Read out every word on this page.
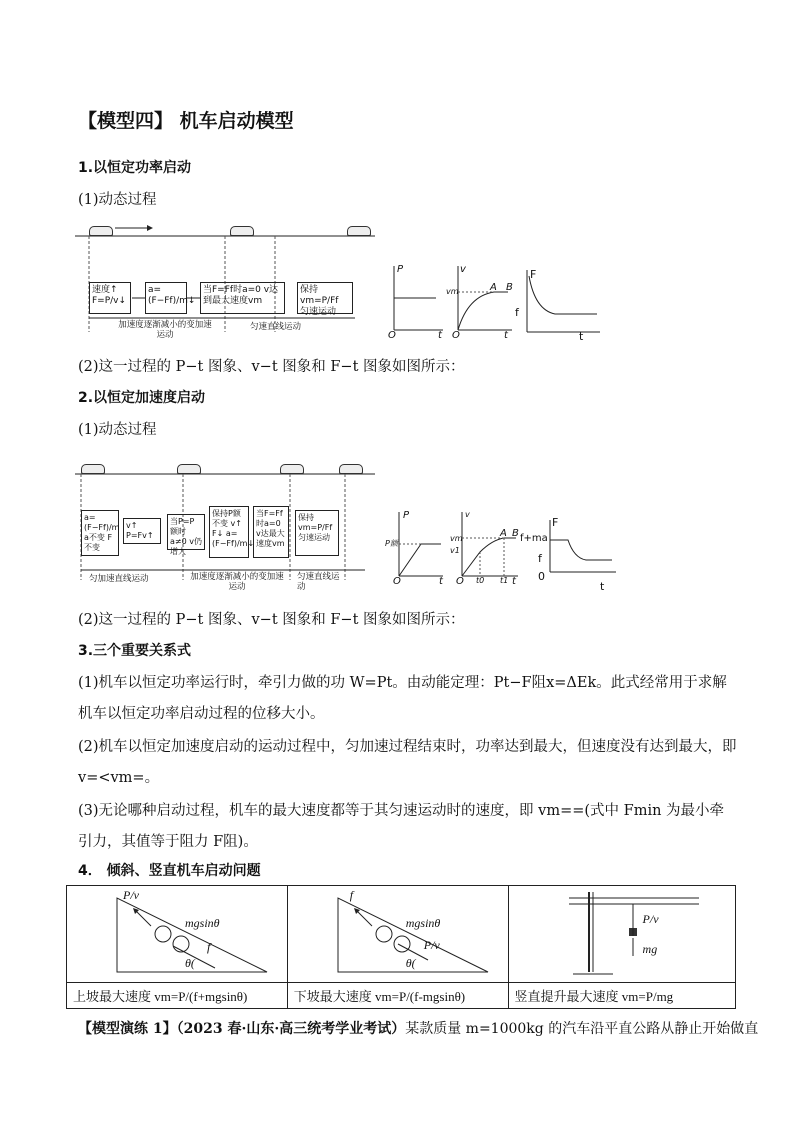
【模型四】 机车启动模型
1.以恒定功率启动
(1)动态过程
速度↑ F=P/v↓
a=(F−Ff)/m↓
当F=Ff时a=0 v达到最大速度vm
保持vm=P/Ff 匀速运动
加速度逐渐减小的变加速运动
匀速直线运动
P
O	t
v
vm	A B
O	t
F
f
t
(2)这一过程的 P−t 图象、v−t 图象和 F−t 图象如图所示：
2.以恒定加速度启动
(1)动态过程
a=(F−Ff)/m a不变 F不变
v↑ P=Fv↑
当P=P额时a≠0 v仍增大
保持P额不变 v↑ F↓ a=(F−Ff)/m↓
当F=Ff时a=0 v达最大速度vm
保持 vm=P/Ff 匀速运动
匀加速直线运动	加速度逐渐减小的变加速运动
匀速直线运动
P
P额
O	t
v
vm
v1
A B
O t0 t1 t
F
f+ma
f
0
t
(2)这一过程的 P−t 图象、v−t 图象和 F−t 图象如图所示：
3.三个重要关系式
(1)机车以恒定功率运行时，牵引力做的功 W=Pt。由动能定理：Pt−F阻x=ΔEk。此式经常用于求解机车以恒定功率启动过程的位移大小。
(2)机车以恒定加速度启动的运动过程中，匀加速过程结束时，功率达到最大，但速度没有达到最大，即 v=<vm=。
(3)无论哪种启动过程，机车的最大速度都等于其匀速运动时的速度，即 vm==(式中 Fmin 为最小牵引力，其值等于阻力 F阻)。
4． 倾斜、竖直机车启动问题
P/v
mgsinθ
θ(
f	f
mgsinθ
θ(
P/v	P/v
mg

上坡最大速度 vm=P/(f+mgsinθ)	下坡最大速度 vm=P/(f-mgsinθ)	竖直提升最大速度 vm=P/mg
【模型演练 1】（2023 春·山东·高三统考学业考试）某款质量 m=1000kg 的汽车沿平直公路从静止开始做直
